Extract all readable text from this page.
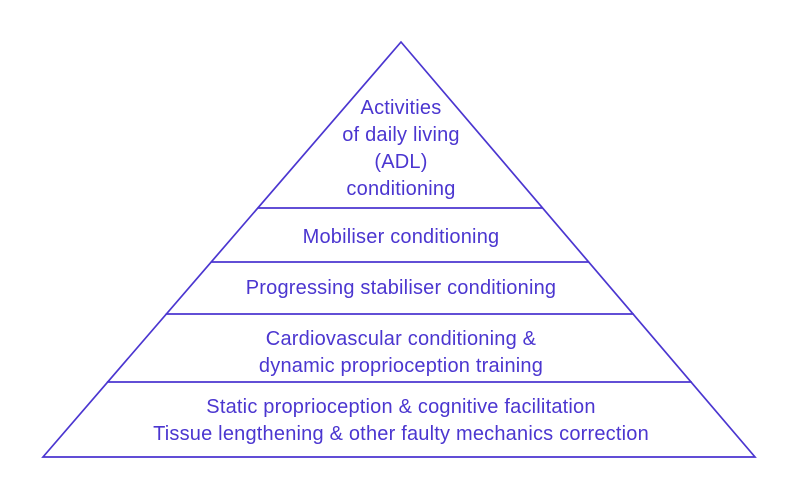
Activities
of daily living
(ADL)
conditioning
Mobiliser conditioning
Progressing stabiliser conditioning
Cardiovascular conditioning &
dynamic proprioception training
Static proprioception & cognitive facilitation
Tissue lengthening & other faulty mechanics correction
